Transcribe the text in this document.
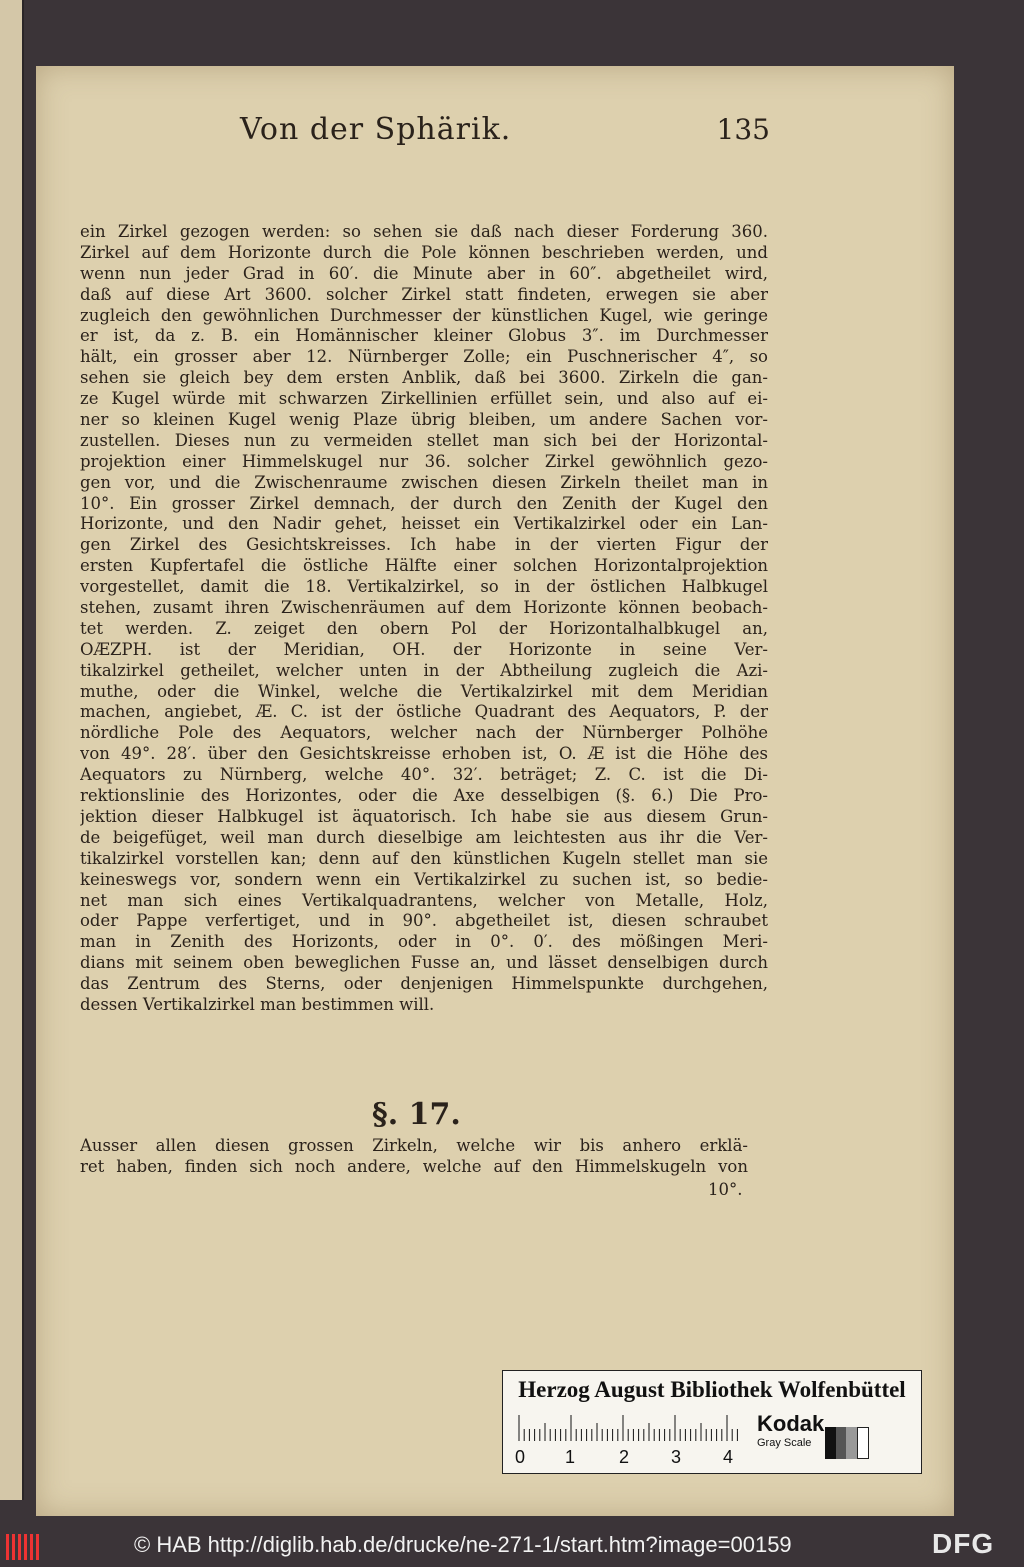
Von der Sphärik.	135
ein Zirkel gezogen werden: so sehen sie daß nach dieser Forderung 360.
Zirkel auf dem Horizonte durch die Pole können beschrieben werden, und
wenn nun jeder Grad in 60′. die Minute aber in 60″. abgetheilet wird,
daß auf diese Art 3600. solcher Zirkel statt findeten, erwegen sie aber
zugleich den gewöhnlichen Durchmesser der künstlichen Kugel, wie geringe
er ist, da z. B. ein Homännischer kleiner Globus 3″. im Durchmesser
hält, ein grosser aber 12. Nürnberger Zolle; ein Puschnerischer 4″, so
sehen sie gleich bey dem ersten Anblik, daß bei 3600. Zirkeln die gan-
ze Kugel würde mit schwarzen Zirkellinien erfüllet sein, und also auf ei-
ner so kleinen Kugel wenig Plaze übrig bleiben, um andere Sachen vor-
zustellen. Dieses nun zu vermeiden stellet man sich bei der Horizontal-
projektion einer Himmelskugel nur 36. solcher Zirkel gewöhnlich gezo-
gen vor, und die Zwischenraume zwischen diesen Zirkeln theilet man in
10°. Ein grosser Zirkel demnach, der durch den Zenith der Kugel den
Horizonte, und den Nadir gehet, heisset ein Vertikalzirkel oder ein Lan-
gen Zirkel des Gesichtskreisses. Ich habe in der vierten Figur der
ersten Kupfertafel die östliche Hälfte einer solchen Horizontalprojektion
vorgestellet, damit die 18. Vertikalzirkel, so in der östlichen Halbkugel
stehen, zusamt ihren Zwischenräumen auf dem Horizonte können beobach-
tet werden. Z. zeiget den obern Pol der Horizontalhalbkugel an,
OÆZPH. ist der Meridian, OH. der Horizonte in seine Ver-
tikalzirkel getheilet, welcher unten in der Abtheilung zugleich die Azi-
muthe, oder die Winkel, welche die Vertikalzirkel mit dem Meridian
machen, angiebet, Æ. C. ist der östliche Quadrant des Aequators, P. der
nördliche Pole des Aequators, welcher nach der Nürnberger Polhöhe
von 49°. 28′. über den Gesichtskreisse erhoben ist, O. Æ ist die Höhe des
Aequators zu Nürnberg, welche 40°. 32′. beträget; Z. C. ist die Di-
rektionslinie des Horizontes, oder die Axe desselbigen (§. 6.) Die Pro-
jektion dieser Halbkugel ist äquatorisch. Ich habe sie aus diesem Grun-
de beigefüget, weil man durch dieselbige am leichtesten aus ihr die Ver-
tikalzirkel vorstellen kan; denn auf den künstlichen Kugeln stellet man sie
keineswegs vor, sondern wenn ein Vertikalzirkel zu suchen ist, so bedie-
net man sich eines Vertikalquadrantens, welcher von Metalle, Holz,
oder Pappe verfertiget, und in 90°. abgetheilet ist, diesen schraubet
man in Zenith des Horizonts, oder in 0°. 0′. des mößingen Meri-
dians mit seinem oben beweglichen Fusse an, und lässet denselbigen durch
das Zentrum des Sterns, oder denjenigen Himmelspunkte durchgehen,
dessen Vertikalzirkel man bestimmen will.
§. 17.
Ausser allen diesen grossen Zirkeln, welche wir bis anhero erklä-
ret haben, finden sich noch andere, welche auf den Himmelskugeln von
10°.
Herzog August Bibliothek Wolfenbüttel
0 1 2 3 4
Kodak
Gray Scale
© HAB http://diglib.hab.de/drucke/ne-271-1/start.htm?image=00159	DFG
